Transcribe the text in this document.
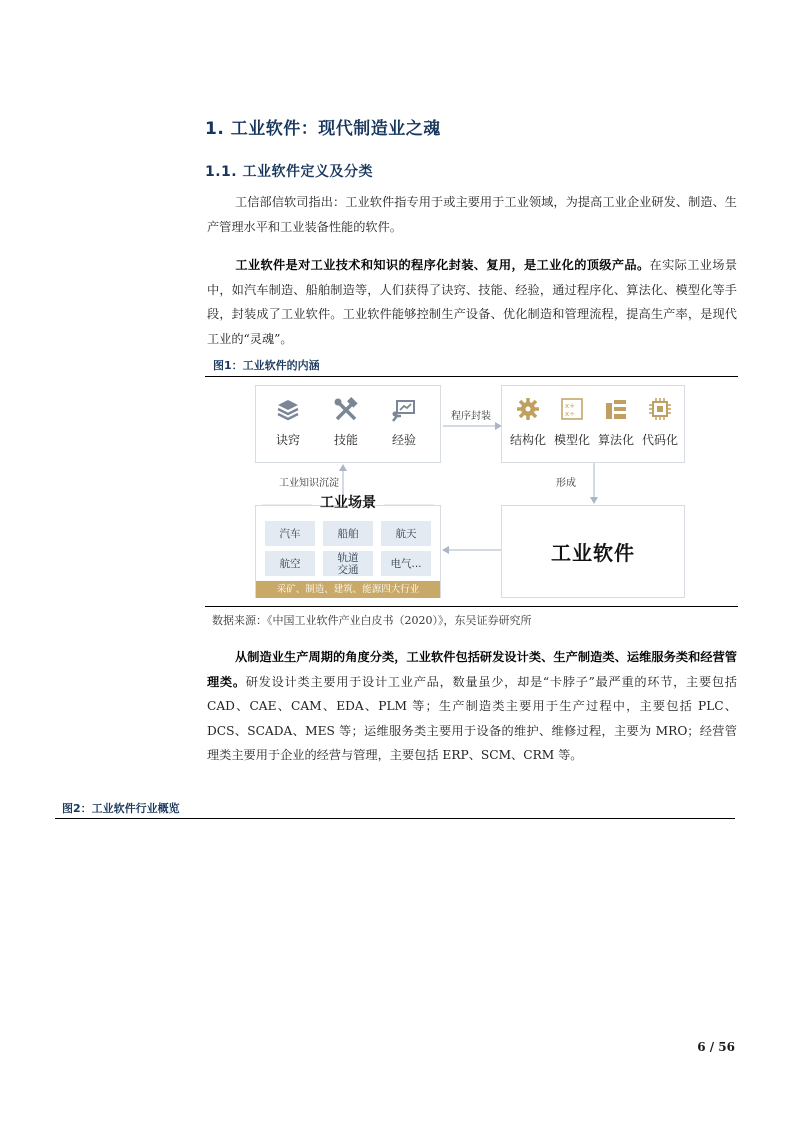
1. 工业软件：现代制造业之魂
1.1. 工业软件定义及分类
工信部信软司指出：工业软件指专用于或主要用于工业领域，为提高工业企业研发、制造、生产管理水平和工业装备性能的软件。
工业软件是对工业技术和知识的程序化封装、复用，是工业化的顶级产品。在实际工业场景中，如汽车制造、船舶制造等，人们获得了诀窍、技能、经验，通过程序化、算法化、模型化等手段，封装成了工业软件。工业软件能够控制生产设备、优化制造和管理流程，提高生产率，是现代工业的“灵魂”。
图1：工业软件的内涵
诀窍	技能	经验
程序封装
结构化
x+
x÷
模型化 算法化 代码化
工业知识沉淀	形成
工业场景
汽车	船舶	航天
航空	轨道交通	电气...
采矿、制造、建筑、能源四大行业
工业软件
数据来源：《中国工业软件产业白皮书（2020）》，东吴证券研究所
从制造业生产周期的角度分类，工业软件包括研发设计类、生产制造类、运维服务类和经营管理类。研发设计类主要用于设计工业产品，数量虽少，却是“卡脖子”最严重的环节，主要包括 CAD、CAE、CAM、EDA、PLM 等；生产制造类主要用于生产过程中，主要包括 PLC、DCS、SCADA、MES 等；运维服务类主要用于设备的维护、维修过程，主要为 MRO；经营管理类主要用于企业的经营与管理，主要包括 ERP、SCM、CRM 等。
图2：工业软件行业概览
6 / 56
